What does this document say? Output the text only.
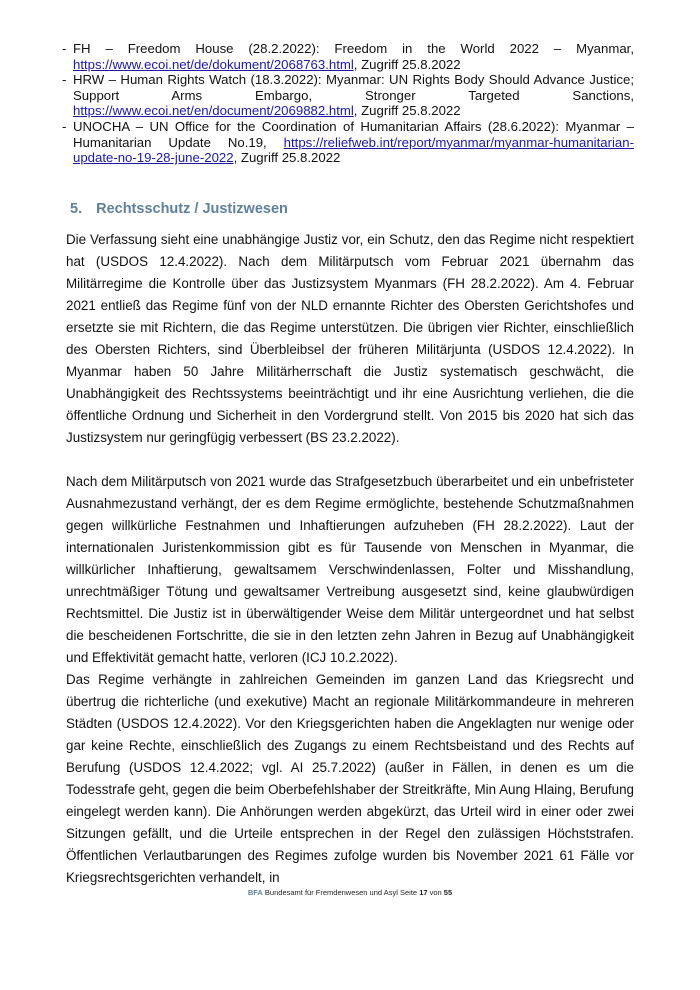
- FH – Freedom House (28.2.2022): Freedom in the World 2022 – Myanmar, https://www.ecoi.net/de/dokument/2068763.html, Zugriff 25.8.2022
- HRW – Human Rights Watch (18.3.2022): Myanmar: UN Rights Body Should Advance Justice; Support Arms Embargo, Stronger Targeted Sanctions, https://www.ecoi.net/en/document/2069882.html, Zugriff 25.8.2022
- UNOCHA – UN Office for the Coordination of Humanitarian Affairs (28.6.2022): Myanmar – Humanitarian Update No.19, https://reliefweb.int/report/myanmar/myanmar-humanitarian-update-no-19-28-june-2022, Zugriff 25.8.2022
5. Rechtsschutz / Justizwesen

Die Verfassung sieht eine unabhängige Justiz vor, ein Schutz, den das Regime nicht respektiert hat (USDOS 12.4.2022). Nach dem Militärputsch vom Februar 2021 übernahm das Militärregime die Kontrolle über das Justizsystem Myanmars (FH 28.2.2022). Am 4. Februar 2021 entließ das Regime fünf von der NLD ernannte Richter des Obersten Gerichtshofes und ersetzte sie mit Richtern, die das Regime unterstützen. Die übrigen vier Richter, einschließlich des Obersten Richters, sind Überbleibsel der früheren Militärjunta (USDOS 12.4.2022). In Myanmar haben 50 Jahre Militärherrschaft die Justiz systematisch geschwächt, die Unabhängigkeit des Rechtssystems beeinträchtigt und ihr eine Ausrichtung verliehen, die die öffentliche Ordnung und Sicherheit in den Vordergrund stellt. Von 2015 bis 2020 hat sich das Justizsystem nur geringfügig verbessert (BS 23.2.2022).

Nach dem Militärputsch von 2021 wurde das Strafgesetzbuch überarbeitet und ein unbefristeter Ausnahmezustand verhängt, der es dem Regime ermöglichte, bestehende Schutzmaßnahmen gegen willkürliche Festnahmen und Inhaftierungen aufzuheben (FH 28.2.2022). Laut der internationalen Juristenkommission gibt es für Tausende von Menschen in Myanmar, die willkürlicher Inhaftierung, gewaltsamem Verschwindenlassen, Folter und Misshandlung, unrechtmäßiger Tötung und gewaltsamer Vertreibung ausgesetzt sind, keine glaubwürdigen Rechtsmittel. Die Justiz ist in überwältigender Weise dem Militär untergeordnet und hat selbst die bescheidenen Fortschritte, die sie in den letzten zehn Jahren in Bezug auf Unabhängigkeit und Effektivität gemacht hatte, verloren (ICJ 10.2.2022).

Das Regime verhängte in zahlreichen Gemeinden im ganzen Land das Kriegsrecht und übertrug die richterliche (und exekutive) Macht an regionale Militärkommandeure in mehreren Städten (USDOS 12.4.2022). Vor den Kriegsgerichten haben die Angeklagten nur wenige oder gar keine Rechte, einschließlich des Zugangs zu einem Rechtsbeistand und des Rechts auf Berufung (USDOS 12.4.2022; vgl. AI 25.7.2022) (außer in Fällen, in denen es um die Todesstrafe geht, gegen die beim Oberbefehlshaber der Streitkräfte, Min Aung Hlaing, Berufung eingelegt werden kann). Die Anhörungen werden abgekürzt, das Urteil wird in einer oder zwei Sitzungen gefällt, und die Urteile entsprechen in der Regel den zulässigen Höchststrafen. Öffentlichen Verlautbarungen des Regimes zufolge wurden bis November 2021 61 Fälle vor Kriegsrechtsgerichten verhandelt, in

BFA Bundesamt für Fremdenwesen und Asyl Seite 17 von 55
